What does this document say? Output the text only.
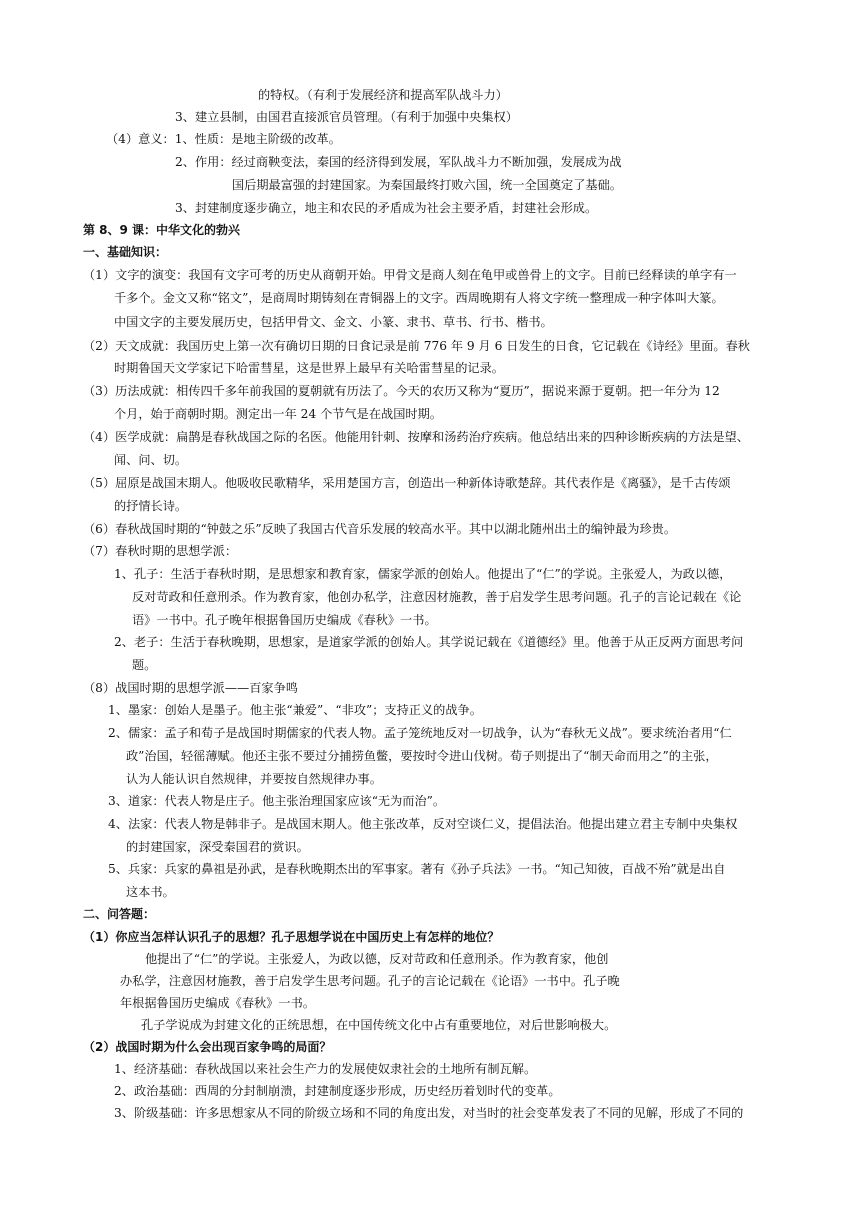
的特权。（有利于发展经济和提高军队战斗力）
3、建立县制，由国君直接派官员管理。（有利于加强中央集权）
（4）意义：1、性质：是地主阶级的改革。
2、作用：经过商鞅变法，秦国的经济得到发展，军队战斗力不断加强，发展成为战
国后期最富强的封建国家。为秦国最终打败六国，统一全国奠定了基础。
3、封建制度逐步确立，地主和农民的矛盾成为社会主要矛盾，封建社会形成。
第 8、9 课：中华文化的勃兴
一、基础知识：
（1）文字的演变：我国有文字可考的历史从商朝开始。甲骨文是商人刻在龟甲或兽骨上的文字。目前已经释读的单字有一
千多个。金文又称“铭文”，是商周时期铸刻在青铜器上的文字。西周晚期有人将文字统一整理成一种字体叫大篆。
中国文字的主要发展历史，包括甲骨文、金文、小篆、隶书、草书、行书、楷书。
（2）天文成就：我国历史上第一次有确切日期的日食记录是前 776 年 9 月 6 日发生的日食，它记载在《诗经》里面。春秋
时期鲁国天文学家记下哈雷彗星，这是世界上最早有关哈雷彗星的记录。
（3）历法成就：相传四千多年前我国的夏朝就有历法了。今天的农历又称为“夏历”，据说来源于夏朝。把一年分为 12
个月，始于商朝时期。测定出一年 24 个节气是在战国时期。
（4）医学成就：扁鹊是春秋战国之际的名医。他能用针刺、按摩和汤药治疗疾病。他总结出来的四种诊断疾病的方法是望、
闻、问、切。
（5）屈原是战国末期人。他吸收民歌精华，采用楚国方言，创造出一种新体诗歌楚辞。其代表作是《离骚》，是千古传颂
的抒情长诗。
（6）春秋战国时期的“钟鼓之乐”反映了我国古代音乐发展的较高水平。其中以湖北随州出土的编钟最为珍贵。
（7）春秋时期的思想学派：
1、孔子：生活于春秋时期，是思想家和教育家，儒家学派的创始人。他提出了“仁”的学说。主张爱人，为政以德，
反对苛政和任意刑杀。作为教育家，他创办私学，注意因材施教，善于启发学生思考问题。孔子的言论记载在《论
语》一书中。孔子晚年根据鲁国历史编成《春秋》一书。
2、老子：生活于春秋晚期，思想家，是道家学派的创始人。其学说记载在《道德经》里。他善于从正反两方面思考问
题。
（8）战国时期的思想学派——百家争鸣
1、墨家：创始人是墨子。他主张“兼爱”、“非攻”；支持正义的战争。
2、儒家：孟子和荀子是战国时期儒家的代表人物。孟子笼统地反对一切战争，认为“春秋无义战”。要求统治者用“仁
政”治国，轻徭薄赋。他还主张不要过分捕捞鱼鳖，要按时令进山伐树。荀子则提出了“制天命而用之”的主张，
认为人能认识自然规律，并要按自然规律办事。
3、道家：代表人物是庄子。他主张治理国家应该“无为而治”。
4、法家：代表人物是韩非子。是战国末期人。他主张改革，反对空谈仁义，提倡法治。他提出建立君主专制中央集权
的封建国家，深受秦国君的赏识。
5、兵家：兵家的鼻祖是孙武，是春秋晚期杰出的军事家。著有《孙子兵法》一书。“知己知彼，百战不殆”就是出自
这本书。
二、问答题：
（1）你应当怎样认识孔子的思想？孔子思想学说在中国历史上有怎样的地位？
他提出了“仁”的学说。主张爱人，为政以德，反对苛政和任意刑杀。作为教育家，他创
办私学，注意因材施教，善于启发学生思考问题。孔子的言论记载在《论语》一书中。孔子晚
年根据鲁国历史编成《春秋》一书。
孔子学说成为封建文化的正统思想，在中国传统文化中占有重要地位，对后世影响极大。
（2）战国时期为什么会出现百家争鸣的局面？
1、经济基础：春秋战国以来社会生产力的发展使奴隶社会的土地所有制瓦解。
2、政治基础：西周的分封制崩溃，封建制度逐步形成，历史经历着划时代的变革。
3、阶级基础：许多思想家从不同的阶级立场和不同的角度出发，对当时的社会变革发表了不同的见解，形成了不同的
